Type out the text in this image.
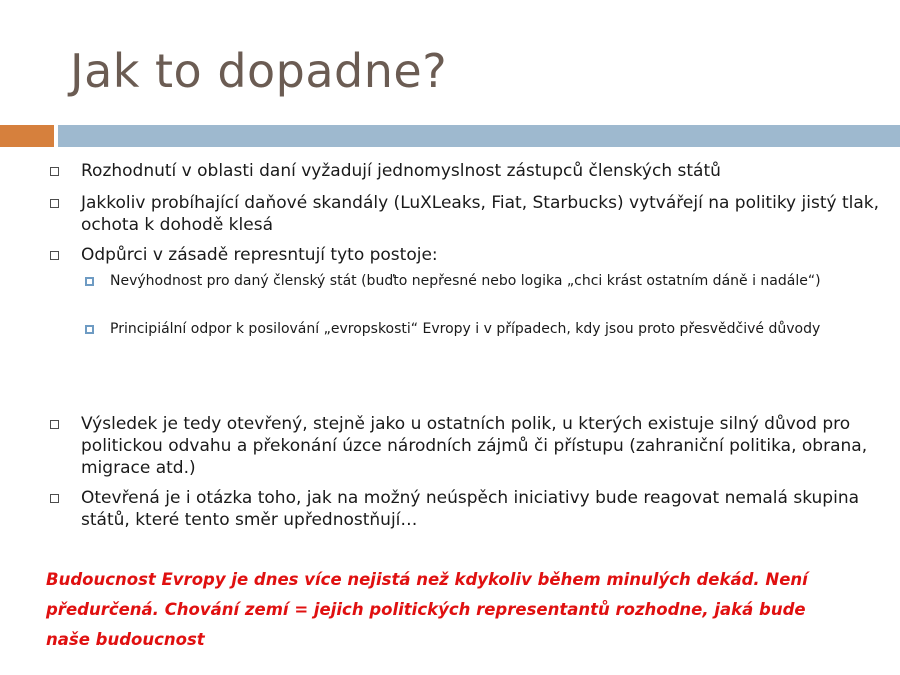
Jak to dopadne?
Rozhodnutí v oblasti daní vyžadují jednomyslnost zástupců členských států
Jakkoliv probíhající daňové skandály (LuXLeaks, Fiat, Starbucks) vytvářejí na politiky jistý tlak, ochota k dohodě klesá
Odpůrci v zásadě represntují tyto postoje:
Nevýhodnost pro daný členský stát (buďto nepřesné nebo logika „chci krást ostatním dáně i nadále“)
Principiální odpor k posilování „evropskosti“ Evropy i v případech, kdy jsou proto přesvědčivé důvody
Výsledek je tedy otevřený, stejně jako u ostatních polik, u kterých existuje silný důvod pro politickou odvahu a překonání úzce národních zájmů či přístupu (zahraniční politika, obrana, migrace atd.)
Otevřená je i otázka toho, jak na možný neúspěch iniciativy bude reagovat nemalá skupina států, které tento směr upřednostňují…
Budoucnost Evropy je dnes více nejistá než kdykoliv během minulých dekád. Není
předurčená. Chování zemí = jejich politických representantů rozhodne, jaká bude
naše budoucnost
